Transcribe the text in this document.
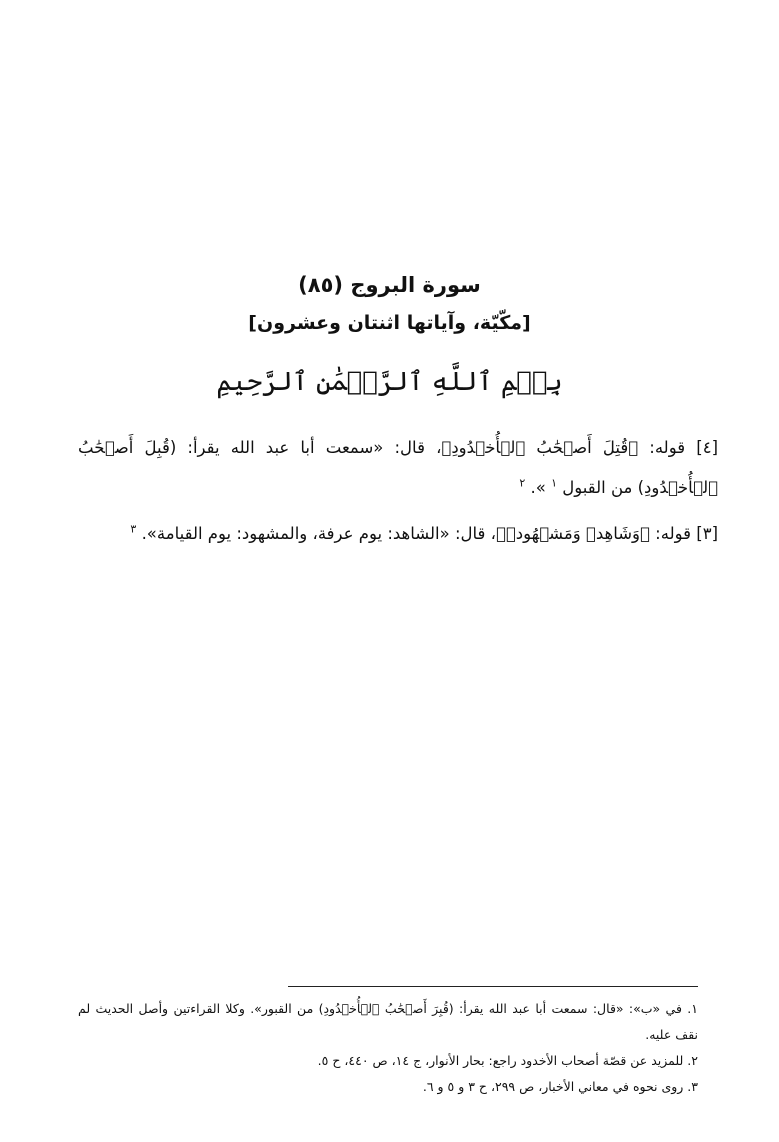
سورة البروج (٨٥)
[مكّيّة، وآياتها اثنتان وعشرون]
بِسۡمِ ٱللَّهِ ٱلرَّحۡمَٰنِ ٱلرَّحِيمِ

[٤] قوله: ﴿قُتِلَ أَصۡحَٰبُ ٱلۡأُخۡدُودِ﴾، قال: «سمعت أبا عبد الله يقرأ: (قُبِلَ أَصۡحَٰبُ ٱلۡأُخۡدُودِ) من القبول $^١$ ». $^٢$

[٣] قوله: ﴿وَشَاهِدٖ وَمَشۡهُودٖ﴾، قال: «الشاهد: يوم عرفة، والمشهود: يوم القيامة». $^٣$

١. في «ب»: «قال: سمعت أبا عبد الله يقرأ: (قُبِرَ أَصۡحَٰبُ ٱلۡأُخۡدُودِ) من القبور». وكلا القراءتين وأصل الحديث لم نقف عليه.

٢. للمزيد عن قصّة أصحاب الأخدود راجع: بحار الأنوار، ج ١٤، ص ٤٤٠، ح ٥.

٣. روى نحوه في معاني الأخبار، ص ٢٩٩، ح ٣ و ٥ و ٦.
